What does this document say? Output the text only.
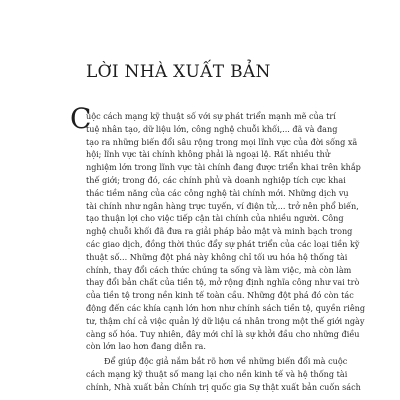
LỜI NHÀ XUẤT BẢN
C
uộc cách mạng kỹ thuật số với sự phát triển mạnh mẽ của trí
tuệ nhân tạo, dữ liệu lớn, công nghệ chuỗi khối,... đã và đang
tạo ra những biến đổi sâu rộng trong mọi lĩnh vực của đời sống xã
hội; lĩnh vực tài chính không phải là ngoại lệ. Rất nhiều thử
nghiệm lớn trong lĩnh vực tài chính đang được triển khai trên khắp
thế giới; trong đó, các chính phủ và doanh nghiệp tích cực khai
thác tiềm năng của các công nghệ tài chính mới. Những dịch vụ
tài chính như ngân hàng trực tuyến, ví điện tử,... trở nên phổ biến,
tạo thuận lợi cho việc tiếp cận tài chính của nhiều người. Công
nghệ chuỗi khối đã đưa ra giải pháp bảo mật và minh bạch trong
các giao dịch, đồng thời thúc đẩy sự phát triển của các loại tiền kỹ
thuật số... Những đột phá này không chỉ tối ưu hóa hệ thống tài
chính, thay đổi cách thức chúng ta sống và làm việc, mà còn làm
thay đổi bản chất của tiền tệ, mở rộng định nghĩa công như vai trò
của tiền tệ trong nền kinh tế toàn cầu. Những đột phá đó còn tác
động đến các khía cạnh lớn hơn như chính sách tiền tệ, quyền riêng
tư, thậm chí cả việc quản lý dữ liệu cá nhân trong một thế giới ngày
càng số hóa. Tuy nhiên, đây mới chỉ là sự khởi đầu cho những điều
còn lớn lao hơn đang diễn ra.
Để giúp độc giả nắm bắt rõ hơn về những biến đổi mà cuộc
cách mạng kỹ thuật số mang lại cho nền kinh tế và hệ thống tài
chính, Nhà xuất bản Chính trị quốc gia Sự thật xuất bản cuốn sách
